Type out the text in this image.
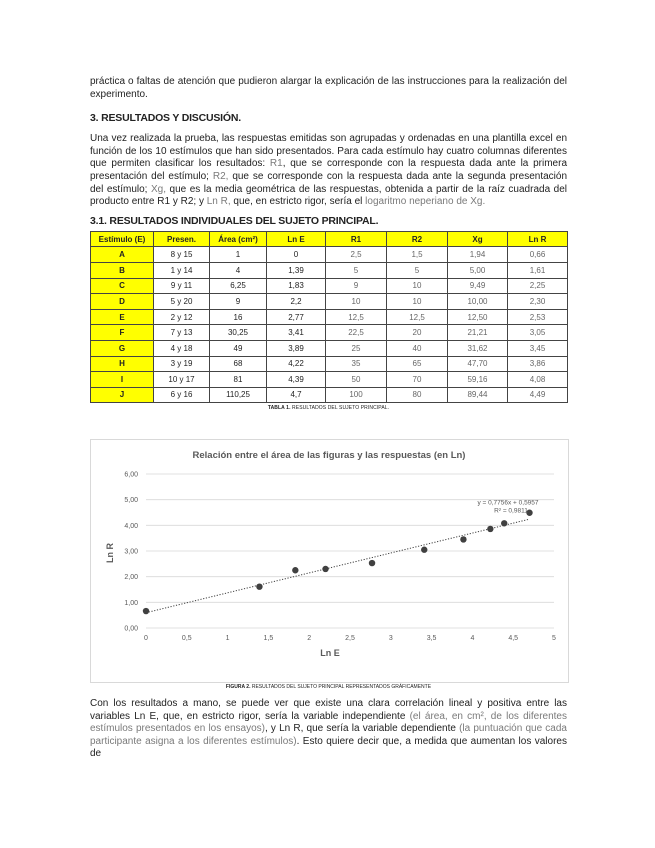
práctica o faltas de atención que pudieron alargar la explicación de las instrucciones para la realización del experimento.

3. RESULTADOS Y DISCUSIÓN.

Una vez realizada la prueba, las respuestas emitidas son agrupadas y ordenadas en una plantilla excel en función de los 10 estímulos que han sido presentados. Para cada estímulo hay cuatro columnas diferentes que permiten clasificar los resultados: R1, que se corresponde con la respuesta dada ante la primera presentación del estímulo; R2, que se corresponde con la respuesta dada ante la segunda presentación del estímulo; Xg, que es la media geométrica de las respuestas, obtenida a partir de la raíz cuadrada del producto entre R1 y R2; y Ln R, que, en estricto rigor, sería el logaritmo neperiano de Xg.

3.1. RESULTADOS INDIVIDUALES DEL SUJETO PRINCIPAL.
Estímulo (E)	Presen.	Área (cm²)	Ln E	R1	R2	Xg	Ln R
A	8 y 15	1	0	2,5	1,5	1,94	0,66
B	1 y 14	4	1,39	5	5	5,00	1,61
C	9 y 11	6,25	1,83	9	10	9,49	2,25
D	5 y 20	9	2,2	10	10	10,00	2,30
E	2 y 12	16	2,77	12,5	12,5	12,50	2,53
F	7 y 13	30,25	3,41	22,5	20	21,21	3,05
G	4 y 18	49	3,89	25	40	31,62	3,45
H	3 y 19	68	4,22	35	65	47,70	3,86
I	10 y 17	81	4,39	50	70	59,16	4,08
J	6 y 16	110,25	4,7	100	80	89,44	4,49
TABLA 1. RESULTADOS DEL SUJETO PRINCIPAL.
Relación entre el área de las figuras y las respuestas (en Ln)
0,00
1,00
2,00
3,00
4,00
5,00
6,00
0	0,5	1	1,5	2	2,5	3	3,5	4	4,5	5
Ln E
Ln R
y = 0,7756x + 0,5957
R² = 0,9811
FIGURA 2. RESULTADOS DEL SUJETO PRINCIPAL REPRESENTADOS GRÁFICAMENTE

Con los resultados a mano, se puede ver que existe una clara correlación lineal y positiva entre las variables Ln E, que, en estricto rigor, sería la variable independiente (el área, en cm², de los diferentes estímulos presentados en los ensayos), y Ln R, que sería la variable dependiente (la puntuación que cada participante asigna a los diferentes estímulos). Esto quiere decir que, a medida que aumentan los valores de
